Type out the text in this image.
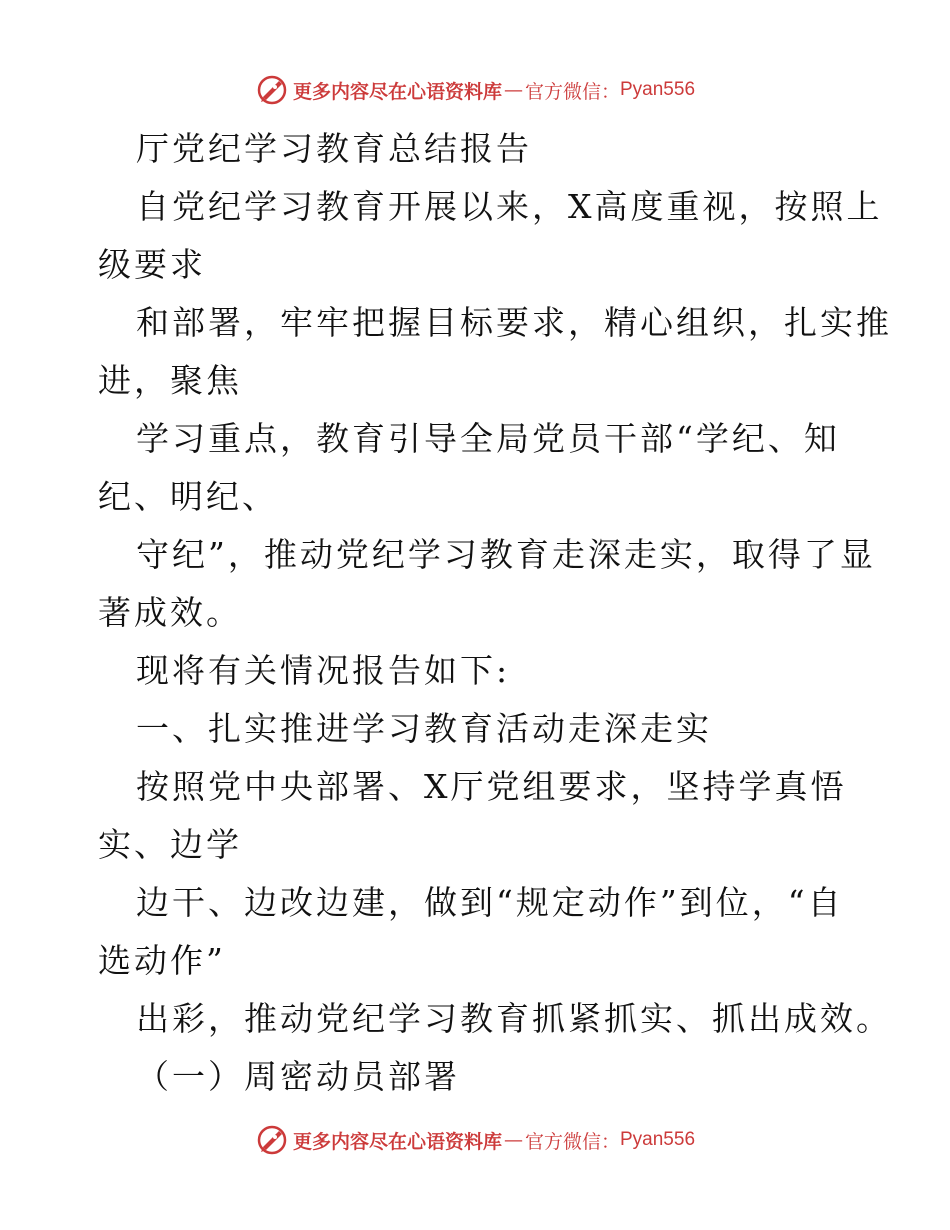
更多内容尽在心语资料库 — 官方微信： Pyan556
厅党纪学习教育总结报告
自党纪学习教育开展以来，X高度重视，按照上
级要求
和部署，牢牢把握目标要求，精心组织，扎实推
进，聚焦
学习重点，教育引导全局党员干部“学纪、知
纪、明纪、
守纪”，推动党纪学习教育走深走实，取得了显
著成效。
现将有关情况报告如下:
一、扎实推进学习教育活动走深走实
按照党中央部署、X厅党组要求，坚持学真悟
实、边学
边干、边改边建，做到“规定动作”到位，“自
选动作”
出彩，推动党纪学习教育抓紧抓实、抓出成效。
（一）周密动员部署
更多内容尽在心语资料库 — 官方微信： Pyan556
